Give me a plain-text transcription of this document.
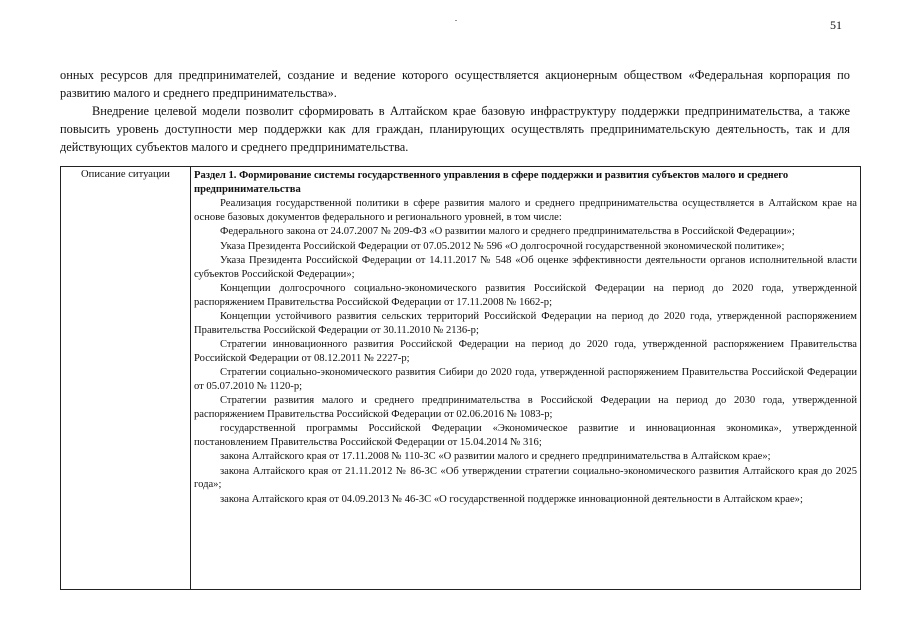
51

онных ресурсов для предпринимателей, создание и ведение которого осуществляется акционерным обществом «Федеральная корпорация по развитию малого и среднего предпринимательства».

Внедрение целевой модели позволит сформировать в Алтайском крае базовую инфраструктуру поддержки предпринимательства, а также повысить уровень доступности мер поддержки как для граждан, планирующих осуществлять предпринимательскую деятельность, так и для действующих субъектов малого и среднего предпринимательства.

Описание ситуации	Раздел 1. Формирование системы государственного управления в сфере поддержки и развития субъектов малого и среднего предпринимательства
Реализация государственной политики в сфере развития малого и среднего предпринимательства осуществляется в Алтайском крае на основе базовых документов федерального и регионального уровней, в том числе:
Федерального закона от 24.07.2007 № 209-ФЗ «О развитии малого и среднего предпринимательства в Российской Федерации»;
Указа Президента Российской Федерации от 07.05.2012 № 596 «О долгосрочной государственной экономической политике»;
Указа Президента Российской Федерации от 14.11.2017 № 548 «Об оценке эффективности деятельности органов исполнительной власти субъектов Российской Федерации»;
Концепции долгосрочного социально-экономического развития Российской Федерации на период до 2020 года, утвержденной распоряжением Правительства Российской Федерации от 17.11.2008 № 1662-р;
Концепции устойчивого развития сельских территорий Российской Федерации на период до 2020 года, утвержденной распоряжением Правительства Российской Федерации от 30.11.2010 № 2136-р;
Стратегии инновационного развития Российской Федерации на период до 2020 года, утвержденной распоряжением Правительства Российской Федерации от 08.12.2011 № 2227-р;
Стратегии социально-экономического развития Сибири до 2020 года, утвержденной распоряжением Правительства Российской Федерации от 05.07.2010 № 1120-р;
Стратегии развития малого и среднего предпринимательства в Российской Федерации на период до 2030 года, утвержденной распоряжением Правительства Российской Федерации от 02.06.2016 № 1083-р;
государственной программы Российской Федерации «Экономическое развитие и инновационная экономика», утвержденной постановлением Правительства Российской Федерации от 15.04.2014 № 316;
закона Алтайского края от 17.11.2008 № 110-ЗС «О развитии малого и среднего предпринимательства в Алтайском крае»;
закона Алтайского края от 21.11.2012 № 86-ЗС «Об утверждении стратегии социально-экономического развития Алтайского края до 2025 года»;
закона Алтайского края от 04.09.2013 № 46-ЗС «О государственной поддержке инновационной деятельности в Алтайском крае»;
